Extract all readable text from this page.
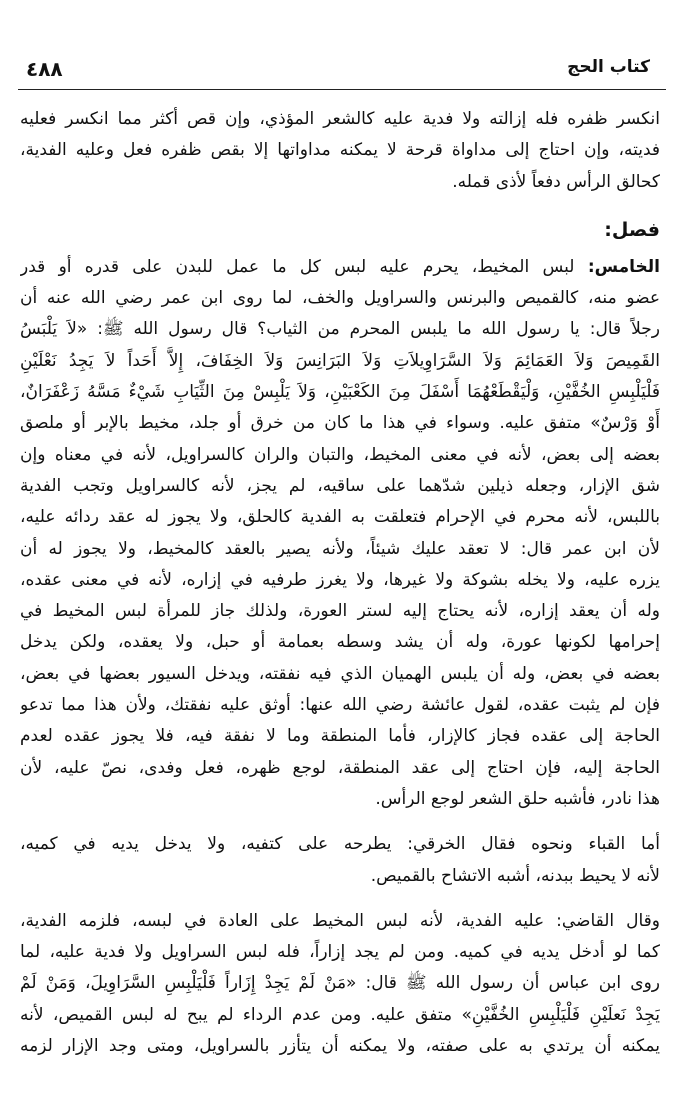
٤٨٨	كتاب الحج
انكسر ظفره فله إزالته ولا فدية عليه كالشعر المؤذي، وإن قص أكثر مما انكسر فعليه
فديته، وإن احتاج إلى مداواة قرحة لا يمكنه مداواتها إلا بقص ظفره فعل وعليه الفدية،
كحالق الرأس دفعاً لأذى قمله.
فصل:
الخامس: لبس المخيط، يحرم عليه لبس كل ما عمل للبدن على قدره أو قدر
عضو منه، كالقميص والبرنس والسراويل والخف، لما روى ابن عمر رضي الله عنه أن
رجلاً قال: يا رسول الله ما يلبس المحرم من الثياب؟ قال رسول الله ﷺ: «لاَ يَلْبَسُ
القَمِيصَ وَلاَ العَمَائِمَ وَلاَ السَّرَاوِيلاَتِ وَلاَ البَرَانِسَ وَلاَ الخِفَافَ، إِلاَّ أَحَداً لاَ يَجِدُ نَعْلَيْنِ
فَلْيَلْبِسِ الخُفَّيْنِ، وَلْيَقْطَعْهُمَا أَسْفَلَ مِنَ الكَعْبَيْنِ، وَلاَ يَلْبِسْ مِنَ الثِّيَابِ شَيْءٌ مَسَّهُ زَعْفَرَانٌ،
أَوْ وَرْسٌ» متفق عليه. وسواء في هذا ما كان من خرق أو جلد، مخيط بالإبر أو ملصق
بعضه إلى بعض، لأنه في معنى المخيط، والتبان والران كالسراويل، لأنه في معناه وإن
شق الإزار، وجعله ذيلين شدّهما على ساقيه، لم يجز، لأنه كالسراويل وتجب الفدية
باللبس، لأنه محرم في الإحرام فتعلقت به الفدية كالحلق، ولا يجوز له عقد ردائه عليه،
لأن ابن عمر قال: لا تعقد عليك شيئاً، ولأنه يصير بالعقد كالمخيط، ولا يجوز له أن
يزره عليه، ولا يخله بشوكة ولا غيرها، ولا يغرز طرفيه في إزاره، لأنه في معنى عقده،
وله أن يعقد إزاره، لأنه يحتاج إليه لستر العورة، ولذلك جاز للمرأة لبس المخيط في
إحرامها لكونها عورة، وله أن يشد وسطه بعمامة أو حبل، ولا يعقده، ولكن يدخل
بعضه في بعض، وله أن يلبس الهميان الذي فيه نفقته، ويدخل السيور بعضها في بعض،
فإن لم يثبت عقده، لقول عائشة رضي الله عنها: أوثق عليه نفقتك، ولأن هذا مما تدعو
الحاجة إلى عقده فجاز كالإزار، فأما المنطقة وما لا نفقة فيه، فلا يجوز عقده لعدم
الحاجة إليه، فإن احتاج إلى عقد المنطقة، لوجع ظهره، فعل وفدى، نصّ عليه، لأن
هذا نادر، فأشبه حلق الشعر لوجع الرأس.
أما القباء ونحوه فقال الخرقي: يطرحه على كتفيه، ولا يدخل يديه في كميه،
لأنه لا يحيط ببدنه، أشبه الاتشاح بالقميص.
وقال القاضي: عليه الفدية، لأنه لبس المخيط على العادة في لبسه، فلزمه الفدية،
كما لو أدخل يديه في كميه. ومن لم يجد إزاراً، فله لبس السراويل ولا فدية عليه، لما
روى ابن عباس أن رسول الله ﷺ قال: «مَنْ لَمْ يَجِدْ إِزَاراً فَلْيَلْبِسِ السَّرَاوِيلَ، وَمَنْ لَمْ
يَجِدْ نَعلَيْنِ فَلْيَلْبِسِ الخُفَّيْنِ» متفق عليه. ومن عدم الرداء لم يبح له لبس القميص، لأنه
يمكنه أن يرتدي به على صفته، ولا يمكنه أن يتأزر بالسراويل، ومتى وجد الإزار لزمه
